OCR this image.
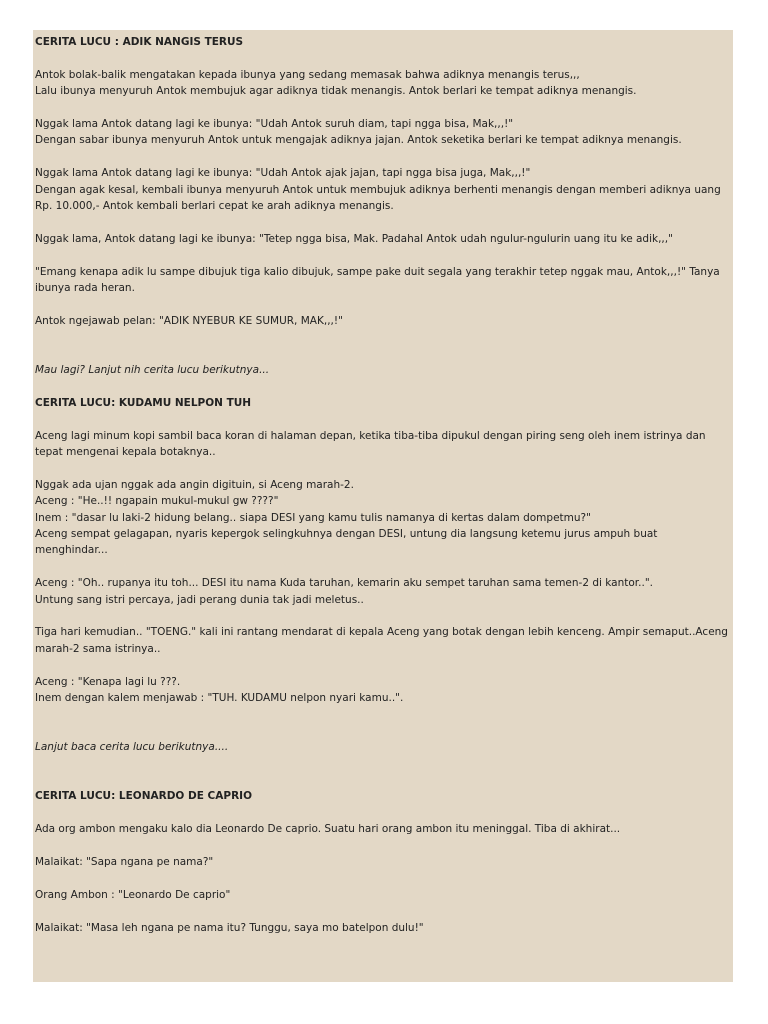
CERITA LUCU : ADIK NANGIS TERUS
Antok bolak-balik mengatakan kepada ibunya yang sedang memasak bahwa adiknya menangis terus,,,
Lalu ibunya menyuruh Antok membujuk agar adiknya tidak menangis. Antok berlari ke tempat adiknya menangis.
Nggak lama Antok datang lagi ke ibunya: "Udah Antok suruh diam, tapi ngga bisa, Mak,,,!"
Dengan sabar ibunya menyuruh Antok untuk mengajak adiknya jajan. Antok seketika berlari ke tempat adiknya menangis.
Nggak lama Antok datang lagi ke ibunya: "Udah Antok ajak jajan, tapi ngga bisa juga, Mak,,,!"
Dengan agak kesal, kembali ibunya menyuruh Antok untuk membujuk adiknya berhenti menangis dengan memberi adiknya uang Rp. 10.000,- Antok kembali berlari cepat ke arah adiknya menangis.
Nggak lama, Antok datang lagi ke ibunya: "Tetep ngga bisa, Mak. Padahal Antok udah ngulur-ngulurin uang itu ke adik,,,"
"Emang kenapa adik lu sampe dibujuk tiga kalio dibujuk, sampe pake duit segala yang terakhir tetep nggak mau, Antok,,,!" Tanya ibunya rada heran.
Antok ngejawab pelan: "ADIK NYEBUR KE SUMUR, MAK,,,!"
Mau lagi? Lanjut nih cerita lucu berikutnya...
CERITA LUCU: KUDAMU NELPON TUH
Aceng lagi minum kopi sambil baca koran di halaman depan, ketika tiba-tiba dipukul dengan piring seng oleh inem istrinya dan tepat mengenai kepala botaknya..
Nggak ada ujan nggak ada angin digituin, si Aceng marah-2.
Aceng : "He..!! ngapain mukul-mukul gw ????"
Inem : "dasar lu laki-2 hidung belang.. siapa DESI yang kamu tulis namanya di kertas dalam dompetmu?"
Aceng sempat gelagapan, nyaris kepergok selingkuhnya dengan DESI, untung dia langsung ketemu jurus ampuh buat menghindar...
Aceng : "Oh.. rupanya itu toh... DESI itu nama Kuda taruhan, kemarin aku sempet taruhan sama temen-2 di kantor..".
Untung sang istri percaya, jadi perang dunia tak jadi meletus..
Tiga hari kemudian.. "TOENG." kali ini rantang mendarat di kepala Aceng yang botak dengan lebih kenceng. Ampir semaput..Aceng marah-2 sama istrinya..
Aceng : "Kenapa lagi lu ???.
Inem dengan kalem menjawab : "TUH. KUDAMU nelpon nyari kamu..".
Lanjut baca cerita lucu berikutnya....
CERITA LUCU: LEONARDO DE CAPRIO
Ada org ambon mengaku kalo dia Leonardo De caprio. Suatu hari orang ambon itu meninggal. Tiba di akhirat...
Malaikat: "Sapa ngana pe nama?"
Orang Ambon : "Leonardo De caprio"
Malaikat: "Masa leh ngana pe nama itu? Tunggu, saya mo batelpon dulu!"
